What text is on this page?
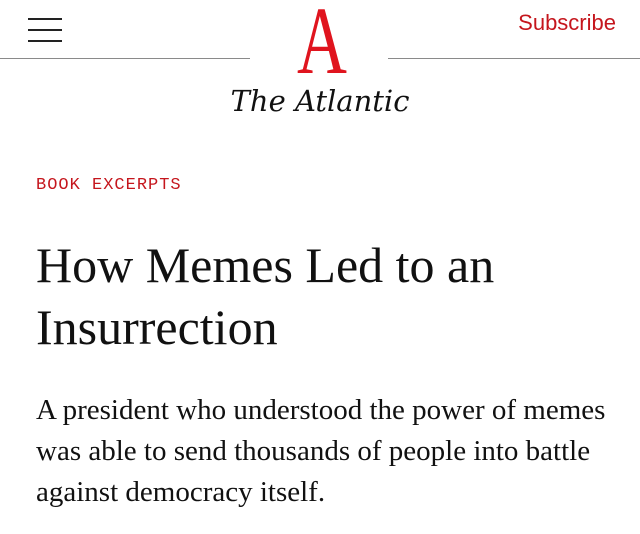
A
The Atlantic
Subscribe
BOOK EXCERPTS
How Memes Led to an Insurrection

A president who understood the power of memes was able to send thousands of people into battle against democracy itself.
